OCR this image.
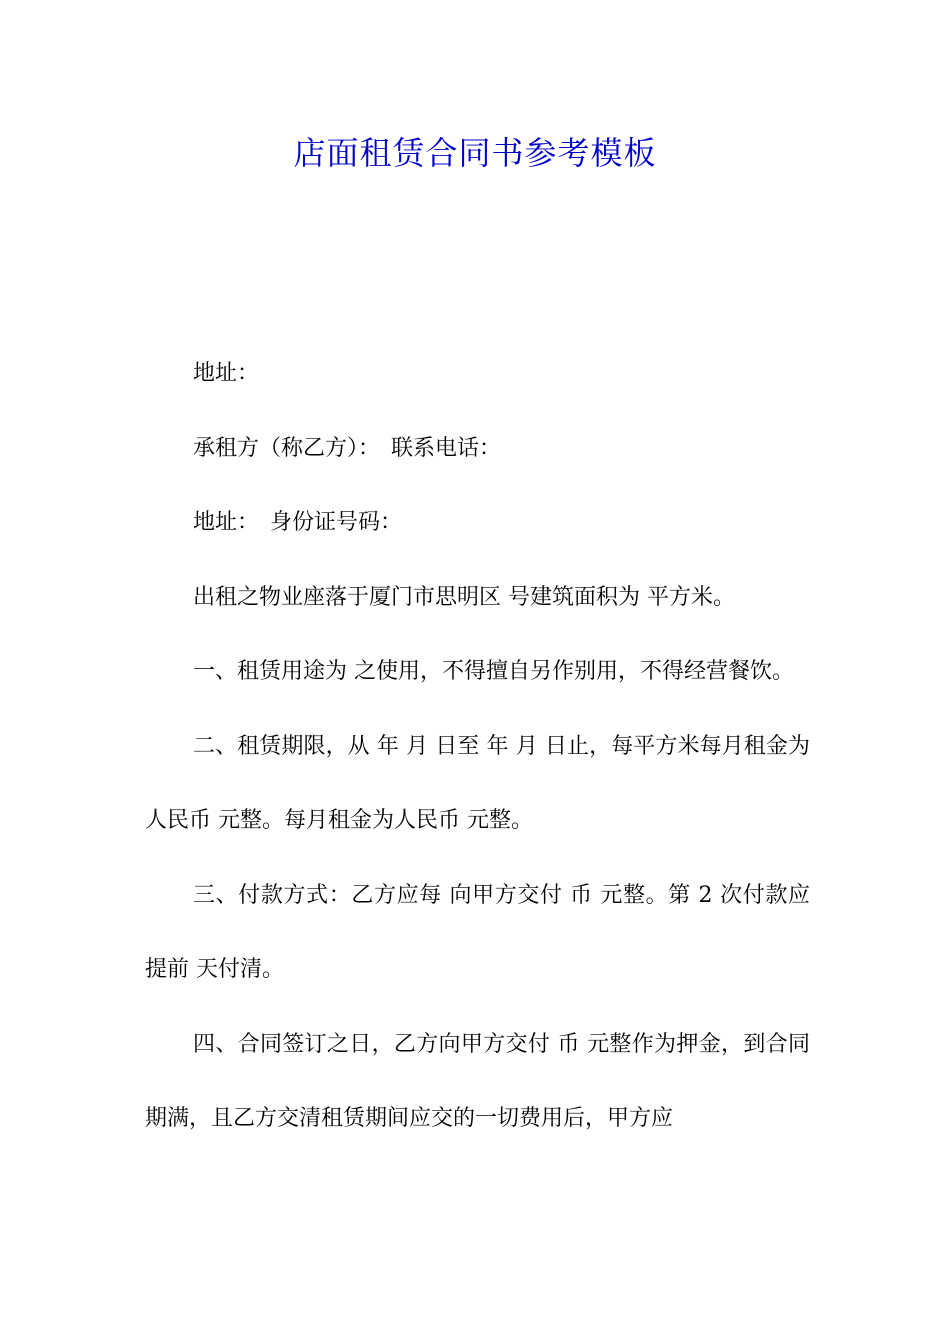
店面租赁合同书参考模板

地址：

承租方（称乙方）：　联系电话：

地址：　身份证号码：

出租之物业座落于厦门市思明区 号建筑面积为 平方米。

一、租赁用途为 之使用，不得擅自另作别用，不得经营餐饮。

二、租赁期限，从 年 月 日至 年 月 日止，每平方米每月租金为人民币 元整。每月租金为人民币 元整。

三、付款方式：乙方应每 向甲方交付 币 元整。第 2 次付款应提前 天付清。

四、合同签订之日，乙方向甲方交付 币 元整作为押金，到合同期满，且乙方交清租赁期间应交的一切费用后，甲方应
